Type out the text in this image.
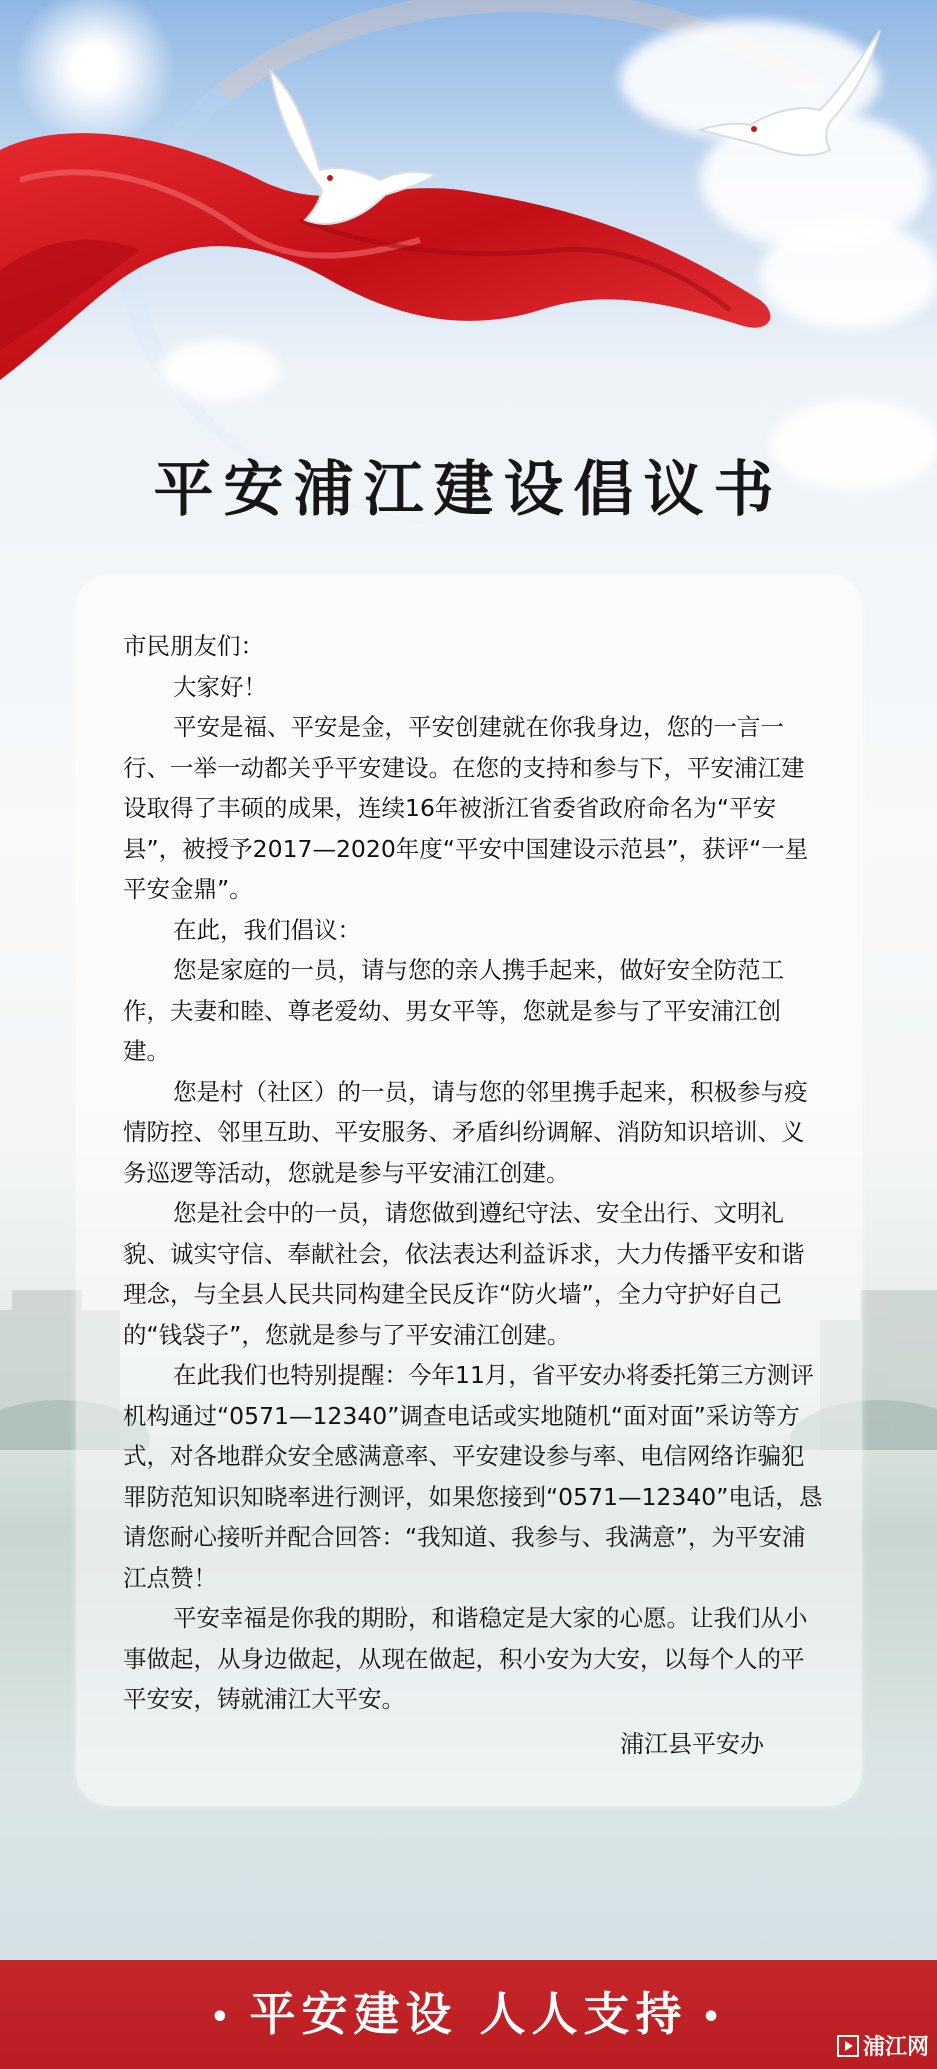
平安浦江建设倡议书

市民朋友们：

大家好！

平安是福、平安是金，平安创建就在你我身边，您的一言一行、一举一动都关乎平安建设。在您的支持和参与下，平安浦江建设取得了丰硕的成果，连续16年被浙江省委省政府命名为“平安县”，被授予2017—2020年度“平安中国建设示范县”，获评“一星平安金鼎”。

在此，我们倡议：

您是家庭的一员，请与您的亲人携手起来，做好安全防范工作，夫妻和睦、尊老爱幼、男女平等，您就是参与了平安浦江创建。

您是村（社区）的一员，请与您的邻里携手起来，积极参与疫情防控、邻里互助、平安服务、矛盾纠纷调解、消防知识培训、义务巡逻等活动，您就是参与平安浦江创建。

您是社会中的一员，请您做到遵纪守法、安全出行、文明礼貌、诚实守信、奉献社会，依法表达利益诉求，大力传播平安和谐理念，与全县人民共同构建全民反诈“防火墙”，全力守护好自己的“钱袋子”，您就是参与了平安浦江创建。

在此我们也特别提醒：今年11月，省平安办将委托第三方测评机构通过“0571—12340”调查电话或实地随机“面对面”采访等方式，对各地群众安全感满意率、平安建设参与率、电信网络诈骗犯罪防范知识知晓率进行测评，如果您接到“0571—12340”电话，恳请您耐心接听并配合回答：“我知道、我参与、我满意”，为平安浦江点赞！

平安幸福是你我的期盼，和谐稳定是大家的心愿。让我们从小事做起，从身边做起，从现在做起，积小安为大安，以每个人的平平安安，铸就浦江大平安。

浦江县平安办
• 平安建设 人人支持 •
浦江网
